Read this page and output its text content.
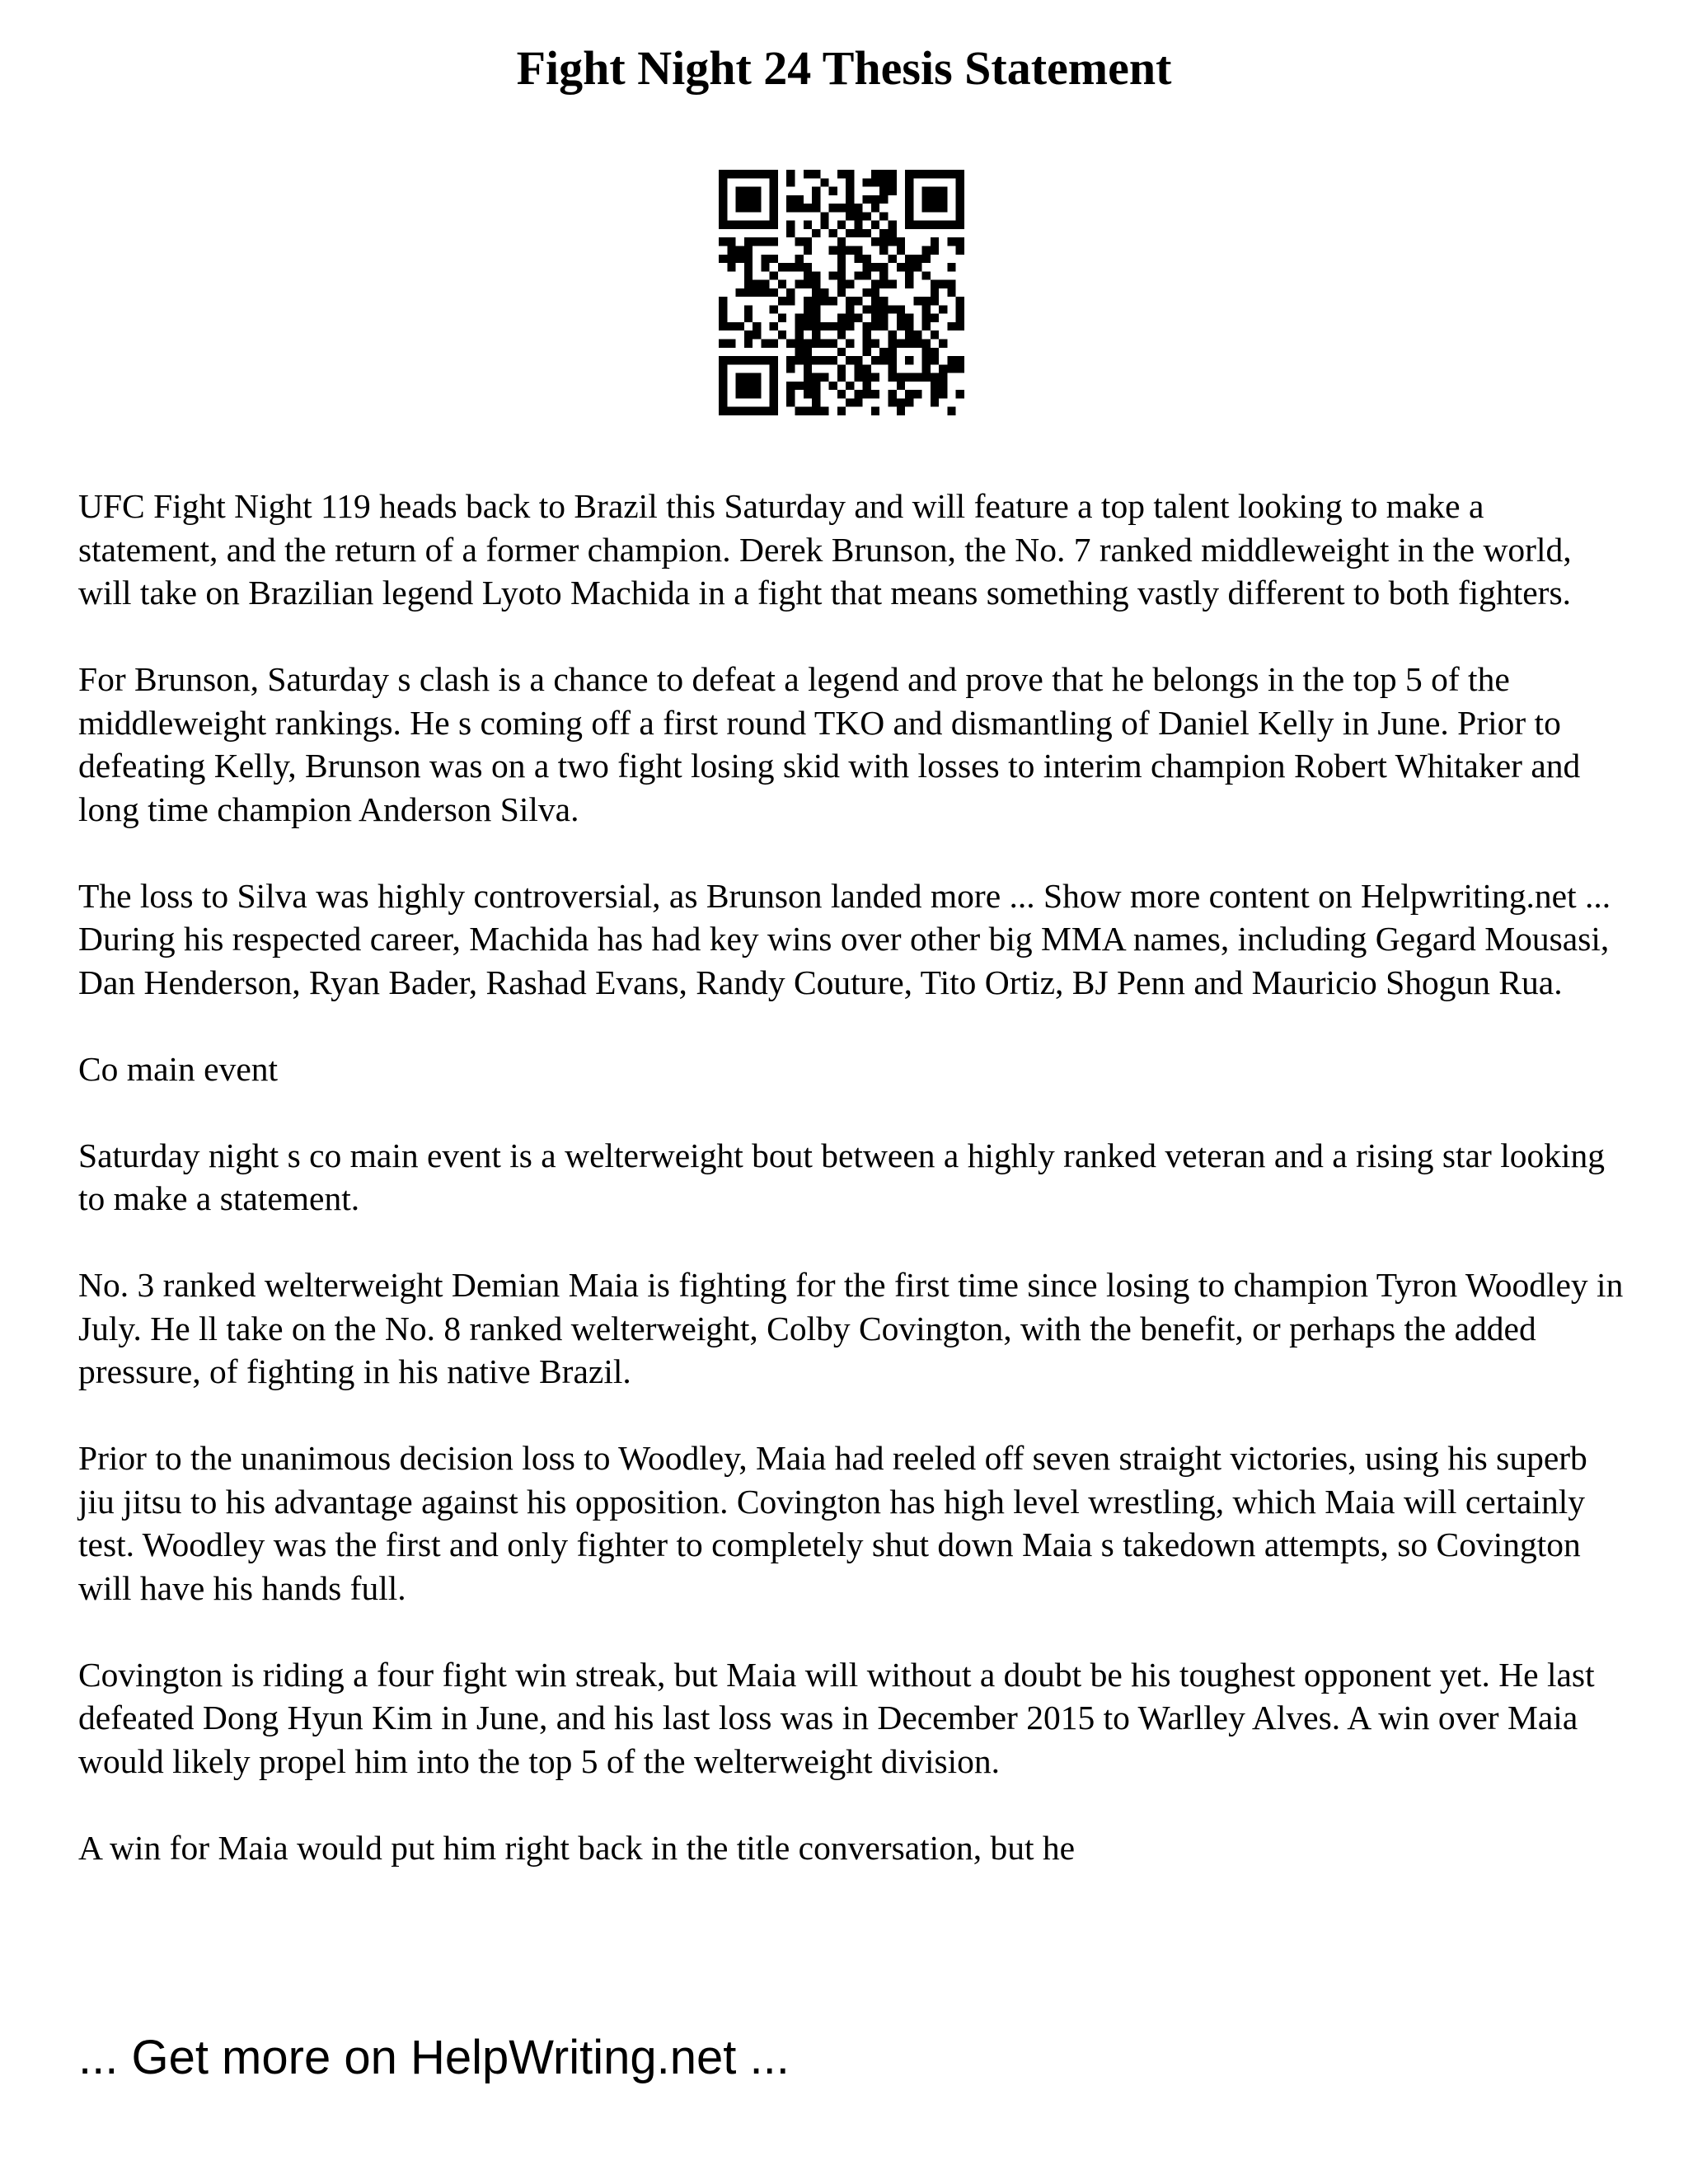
Fight Night 24 Thesis Statement

UFC Fight Night 119 heads back to Brazil this Saturday and will feature a top talent looking to make a statement, and the return of a former champion. Derek Brunson, the No. 7 ranked middleweight in the world, will take on Brazilian legend Lyoto Machida in a fight that means something vastly different to both fighters.

For Brunson, Saturday s clash is a chance to defeat a legend and prove that he belongs in the top 5 of the middleweight rankings. He s coming off a first round TKO and dismantling of Daniel Kelly in June. Prior to defeating Kelly, Brunson was on a two fight losing skid with losses to interim champion Robert Whitaker and long time champion Anderson Silva.

The loss to Silva was highly controversial, as Brunson landed more ... Show more content on Helpwriting.net ...

During his respected career, Machida has had key wins over other big MMA names, including Gegard Mousasi, Dan Henderson, Ryan Bader, Rashad Evans, Randy Couture, Tito Ortiz, BJ Penn and Mauricio Shogun Rua.

Co main event

Saturday night s co main event is a welterweight bout between a highly ranked veteran and a rising star looking to make a statement.

No. 3 ranked welterweight Demian Maia is fighting for the first time since losing to champion Tyron Woodley in July. He ll take on the No. 8 ranked welterweight, Colby Covington, with the benefit, or perhaps the added pressure, of fighting in his native Brazil.

Prior to the unanimous decision loss to Woodley, Maia had reeled off seven straight victories, using his superb jiu jitsu to his advantage against his opposition. Covington has high level wrestling, which Maia will certainly test. Woodley was the first and only fighter to completely shut down Maia s takedown attempts, so Covington will have his hands full.

Covington is riding a four fight win streak, but Maia will without a doubt be his toughest opponent yet. He last defeated Dong Hyun Kim in June, and his last loss was in December 2015 to Warlley Alves. A win over Maia would likely propel him into the top 5 of the welterweight division.

A win for Maia would put him right back in the title conversation, but he

... Get more on HelpWriting.net ...
